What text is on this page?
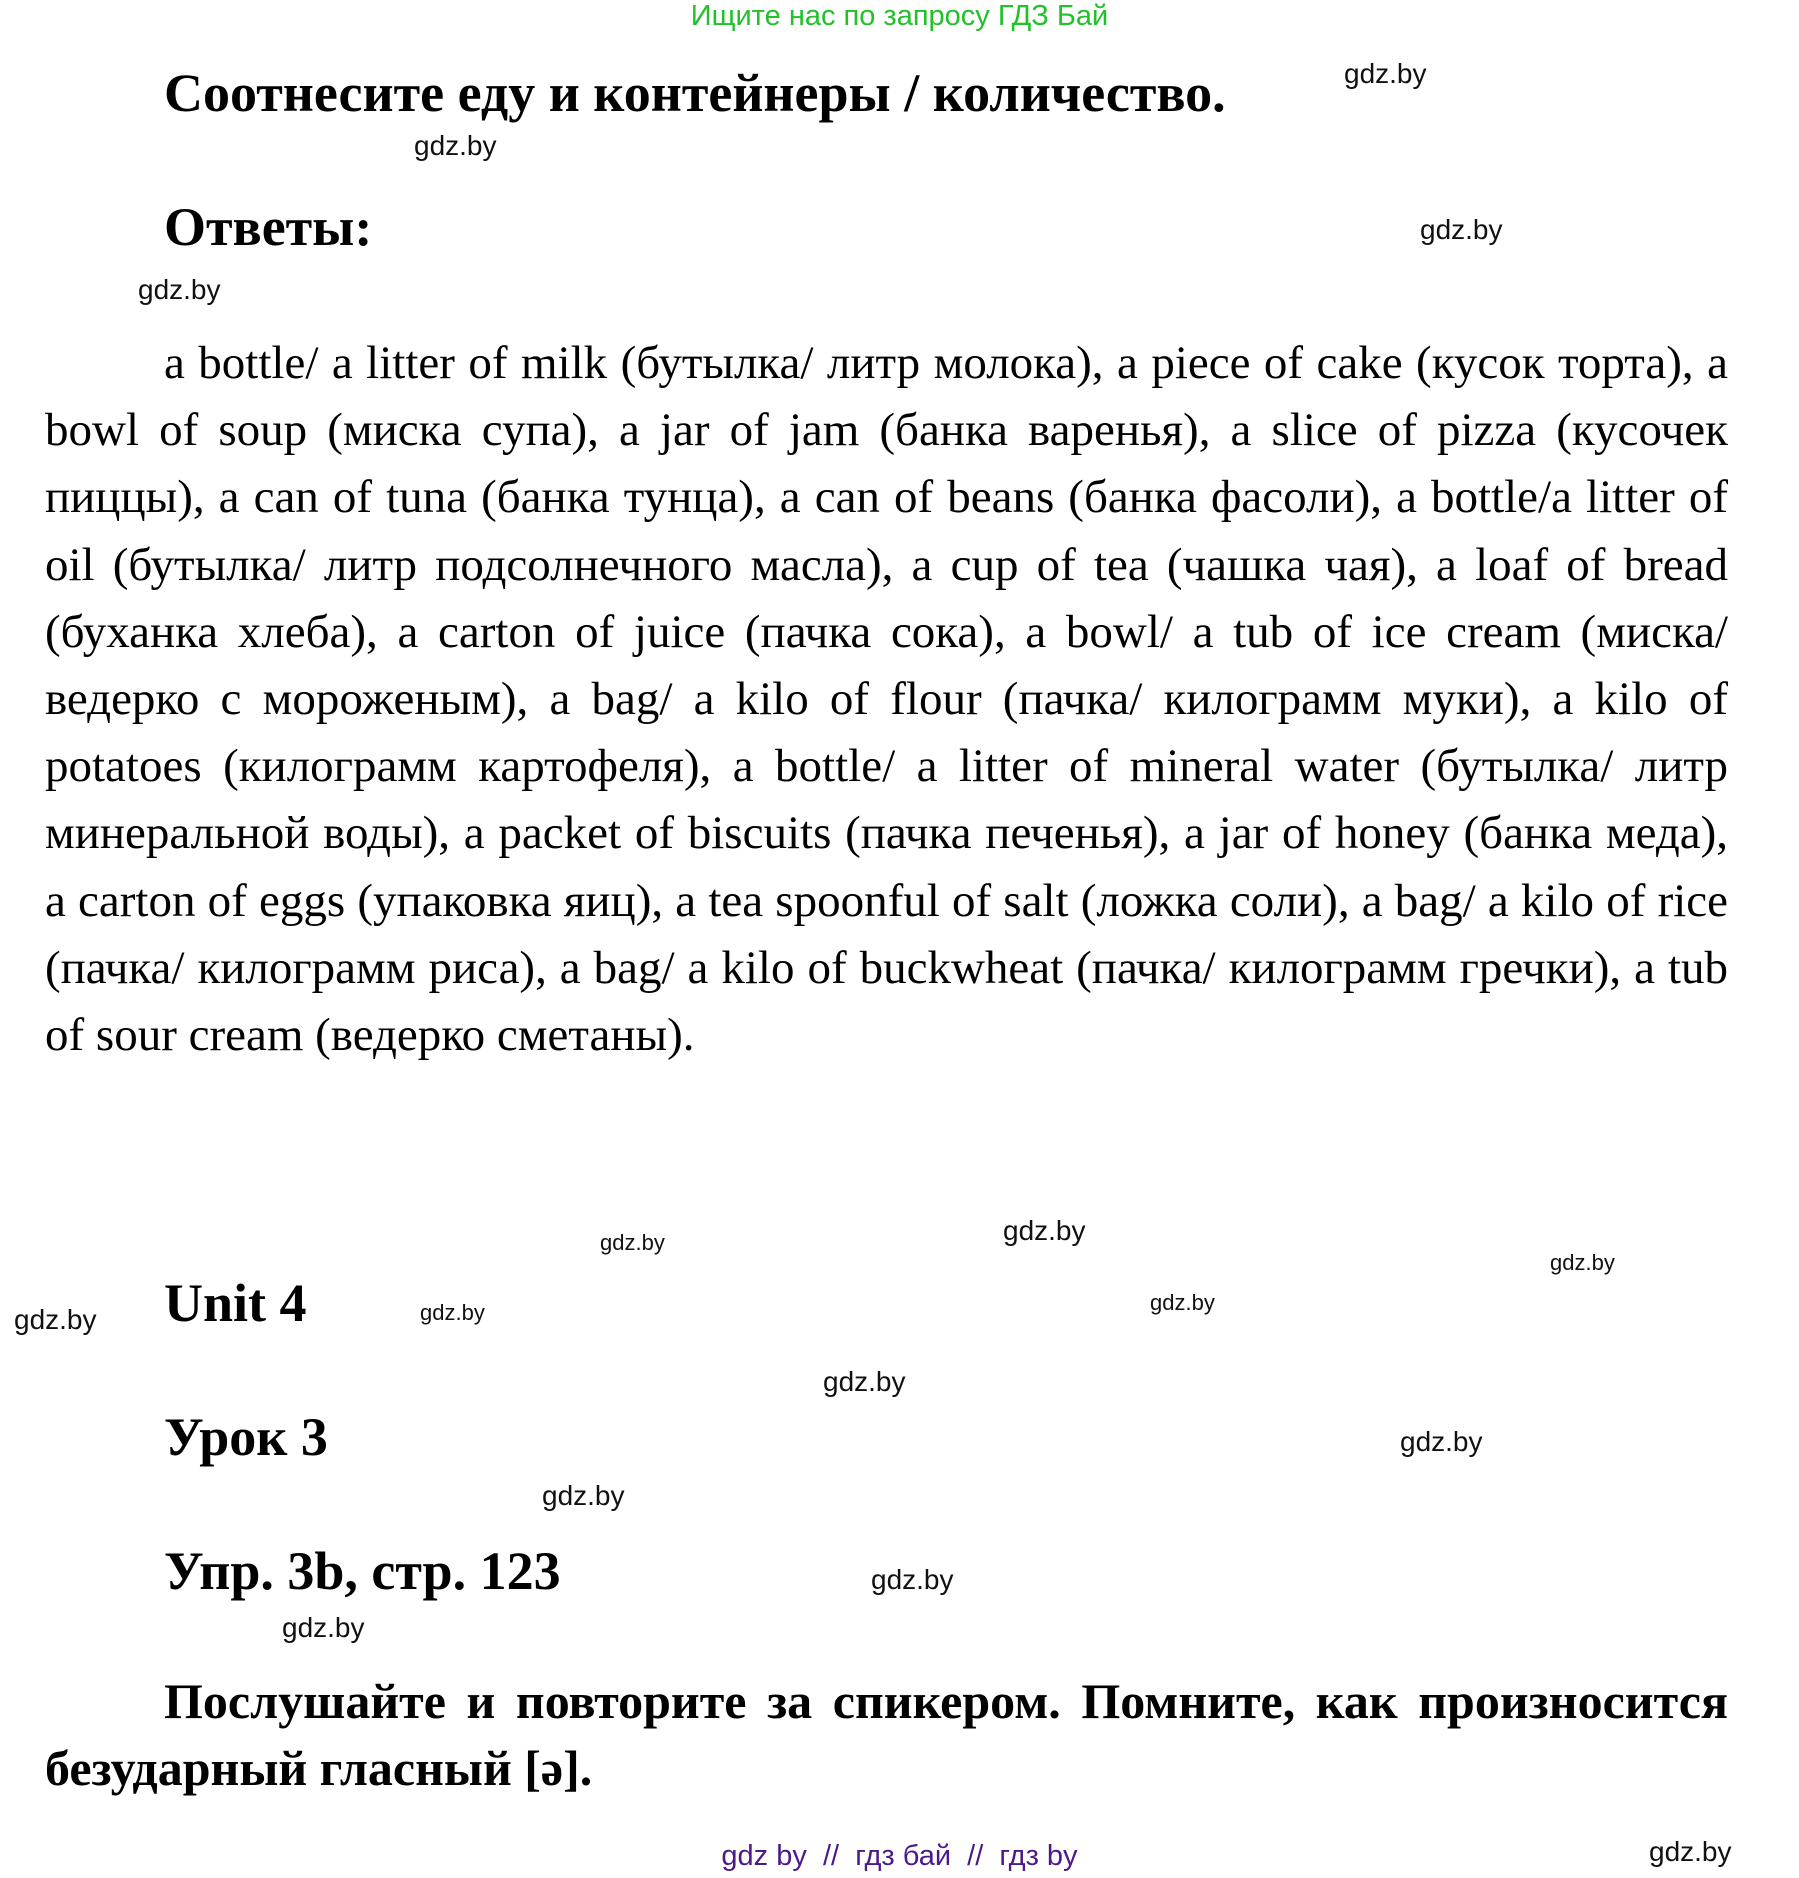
Ищите нас по запросу ГДЗ Бай
Соотнесите еду и контейнеры / количество.
Ответы:
a bottle/ a litter of milk (бутылка/ литр молока), a piece of cake (кусок торта), a bowl of soup (миска супа), a jar of jam (банка варенья), a slice of pizza (кусочек пиццы), a can of tuna (банка тунца), a can of beans (банка фасоли), a bottle/a litter of oil (бутылка/ литр подсолнечного масла), a cup of tea (чашка чая), a loaf of bread (буханка хлеба), a carton of juice (пачка сока), a bowl/ a tub of ice cream (миска/ ведерко с мороженым), a bag/ a kilo of flour (пачка/ килограмм муки), a kilo of potatoes (килограмм картофеля), a bottle/ a litter of mineral water (бутылка/ литр минеральной воды), a packet of biscuits (пачка печенья), a jar of honey (банка меда), a carton of eggs (упаковка яиц), a tea spoonful of salt (ложка соли), a bag/ a kilo of rice (пачка/ килограмм риса), a bag/ a kilo of buckwheat (пачка/ килограмм гречки), a tub of sour cream (ведерко сметаны).
Unit 4
Урок 3
Упр. 3b, стр. 123
Послушайте и повторите за спикером. Помните, как произносится безударный гласный [ə].
gdz.by
gdz.by
gdz.by
gdz.by
gdz.by
gdz.by
gdz.by
gdz.by	gdz.by
gdz.by
gdz.by
gdz.by
gdz.by
gdz.by
gdz.by
gdz.by
gdz by  //  гдз бай  //  гдз by
